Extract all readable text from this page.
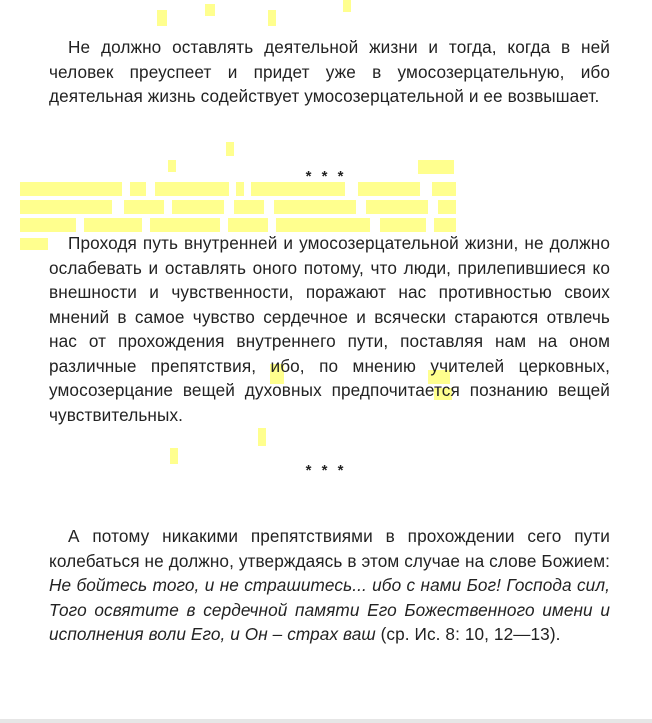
Не должно оставлять деятельной жизни и тогда, когда в ней человек преуспеет и придет уже в умосозерцательную, ибо деятельная жизнь содействует умосозерцательной и ее возвышает.

* * *

Проходя путь внутренней и умосозерцательной жизни, не должно ослабевать и оставлять оного потому, что люди, прилепившиеся ко внешности и чувственности, поражают нас противностью своих мнений в самое чувство сердечное и всячески стараются отвлечь нас от прохождения внутреннего пути, поставляя нам на оном различные препятствия, ибо, по мнению учителей церковных, умосозерцание вещей духовных предпочитается познанию вещей чувствительных.

* * *

А потому никакими препятствиями в прохождении сего пути колебаться не должно, утверждаясь в этом случае на слове Божием: Не бойтесь того, и не страшитесь... ибо с нами Бог! Господа сил, Того освятите в сердечной памяти Его Божественного имени и исполнения воли Его, и Он – страх ваш (ср. Ис. 8: 10, 12—13).
